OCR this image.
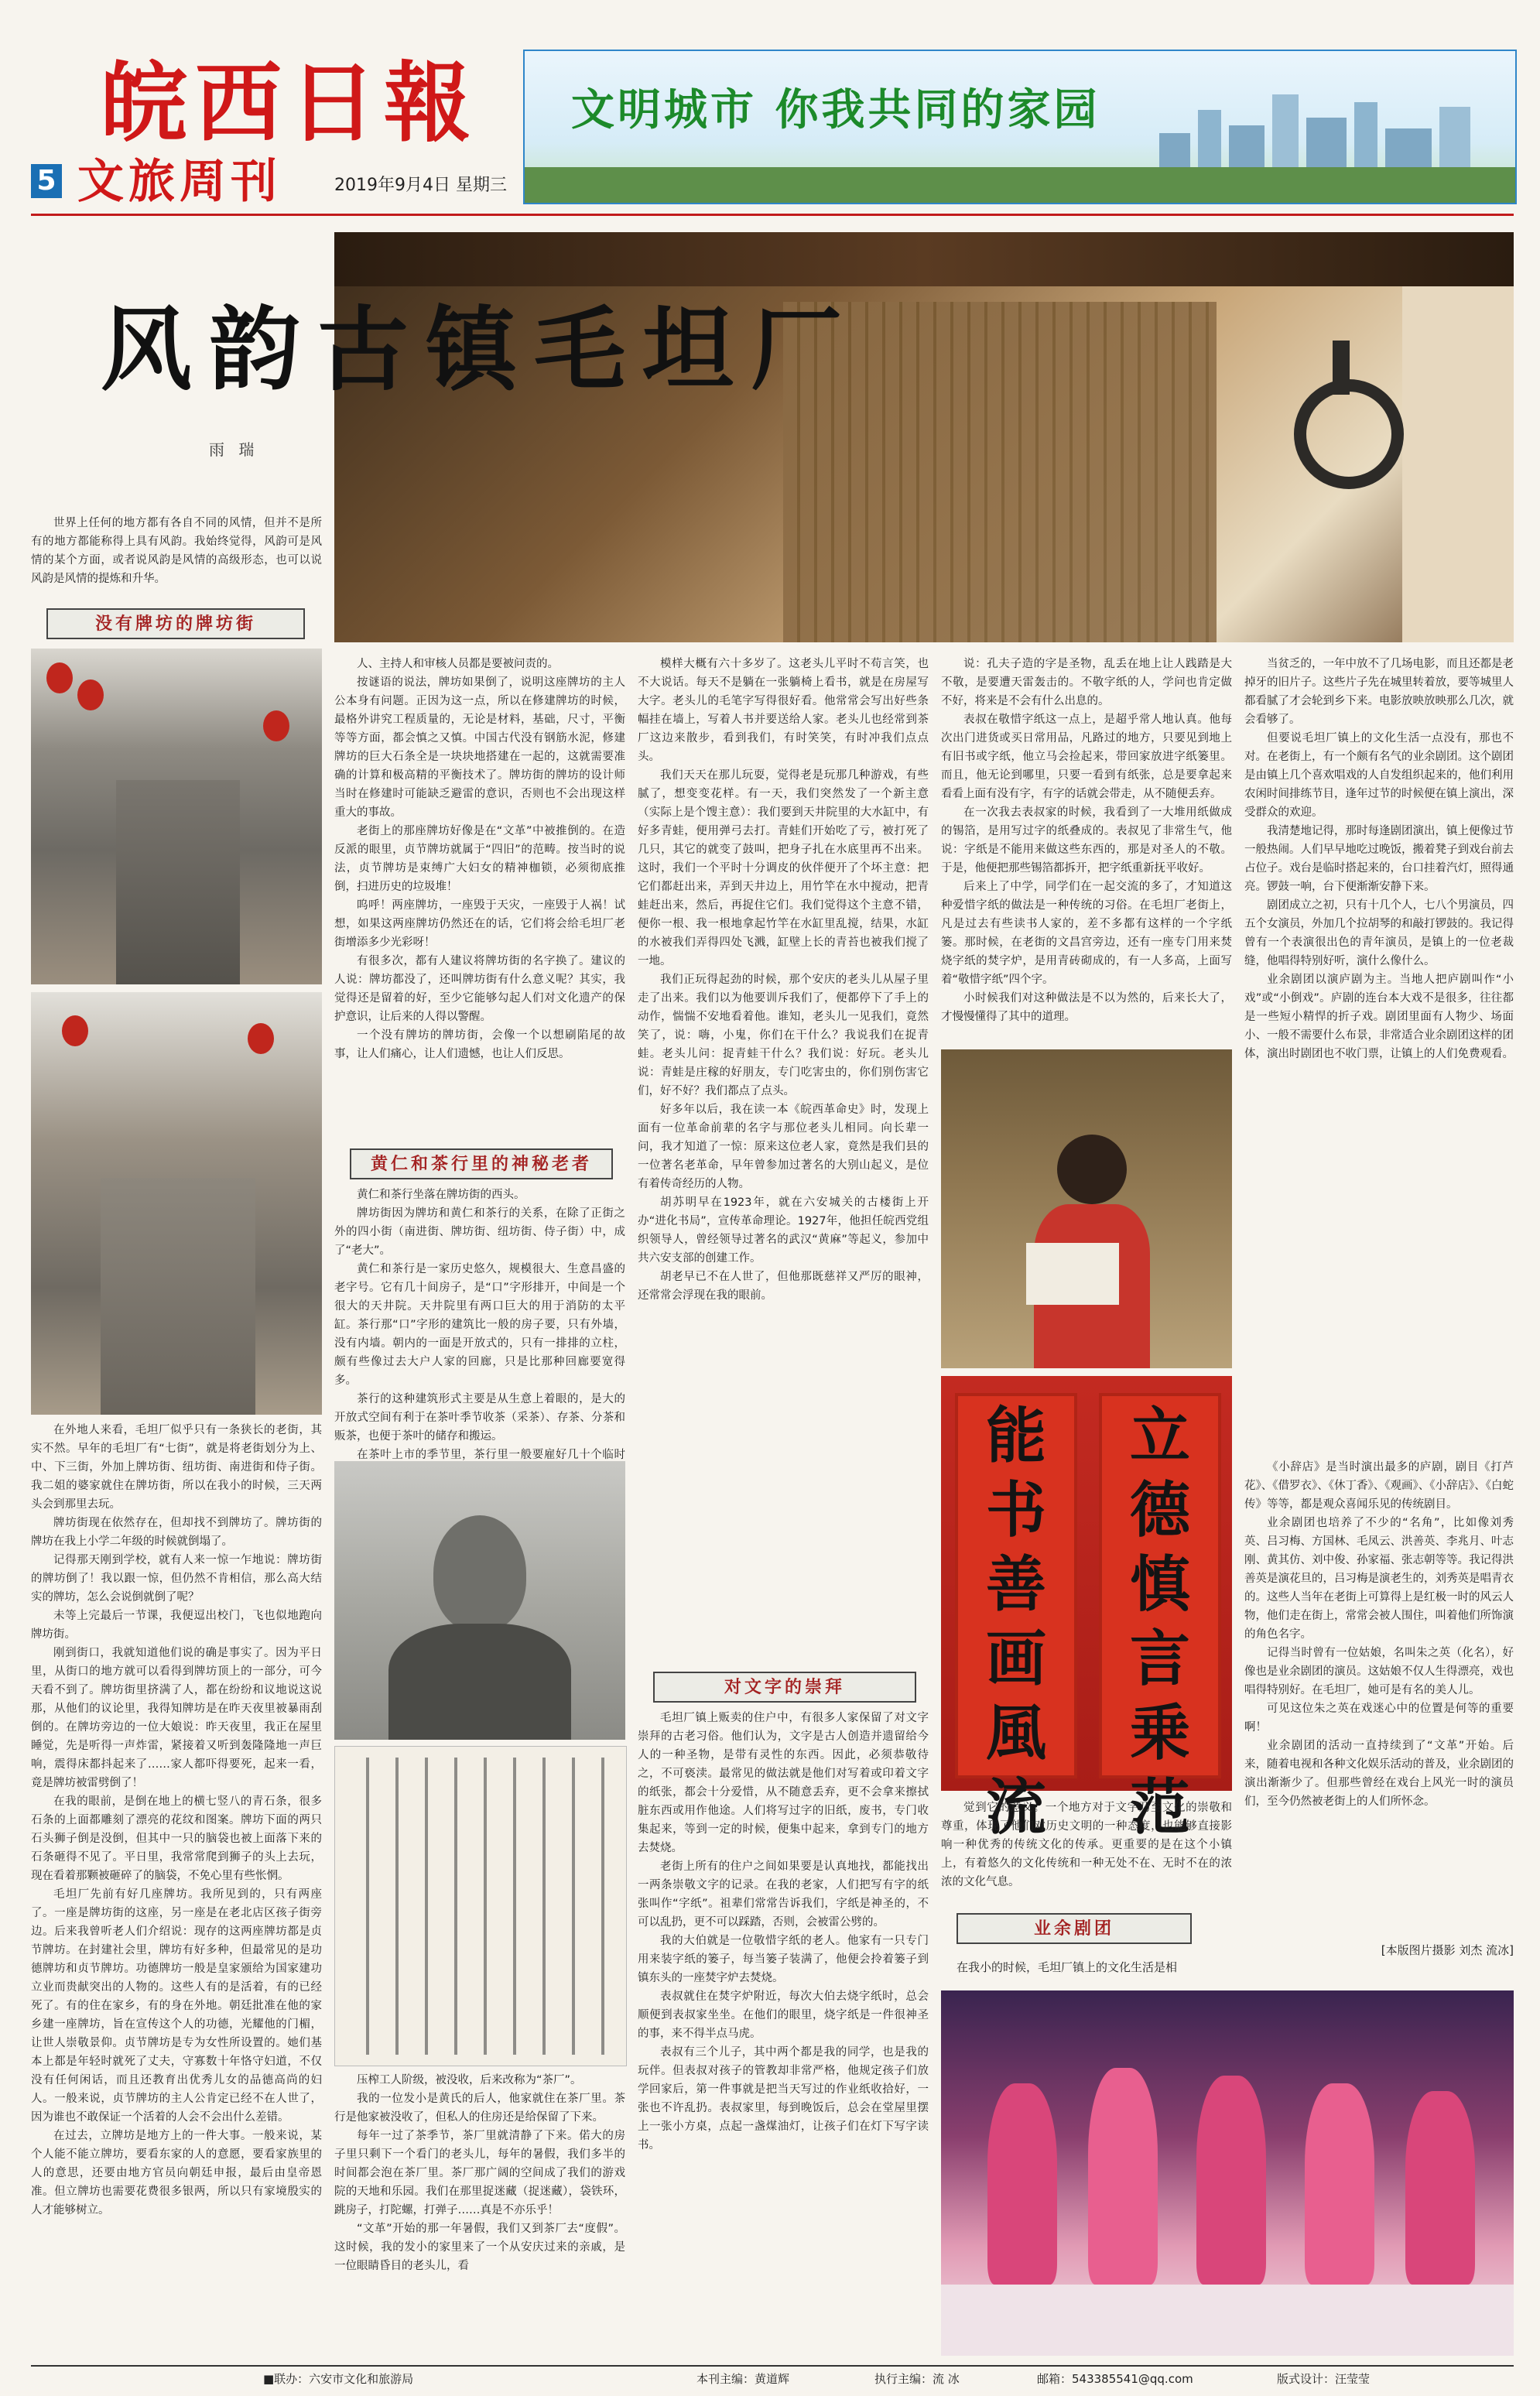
皖西日報
5 文旅周刊	2019年9月4日 星期三
文明城市 你我共同的家园
风韵古镇毛坦厂
雨 瑞

世界上任何的地方都有各自不同的风情，但并不是所有的地方都能称得上具有风韵。我始终觉得，风韵可是风情的某个方面，或者说风韵是风情的高级形态，也可以说风韵是风情的提炼和升华。

没有牌坊的牌坊街

在外地人来看，毛坦厂似乎只有一条狭长的老街，其实不然。早年的毛坦厂有“七街”，就是将老街划分为上、中、下三街，外加上牌坊街、纽坊街、南进街和侍子街。我二姐的婆家就住在牌坊街，所以在我小的时候，三天两头会到那里去玩。

牌坊街现在依然存在，但却找不到牌坊了。牌坊街的牌坊在我上小学二年级的时候就倒塌了。

记得那天刚到学校，就有人来一惊一乍地说：牌坊街的牌坊倒了！我以跟一惊，但仍然不肯相信，那么高大结实的牌坊，怎么会说倒就倒了呢？

未等上完最后一节课，我便逗出校门，飞也似地跑向牌坊街。

刚到街口，我就知道他们说的确是事实了。因为平日里，从街口的地方就可以看得到牌坊顶上的一部分，可今天看不到了。牌坊街里挤满了人，都在纷纷和议地说这说那，从他们的议论里，我得知牌坊是在昨天夜里被暴雨刮倒的。在牌坊旁边的一位大娘说：昨天夜里，我正在屋里睡觉，先是听得一声炸雷，紧接着又听到轰隆隆地一声巨响，震得床都抖起来了……家人都吓得要死，起来一看，竟是牌坊被雷劈倒了！

在我的眼前，是倒在地上的横七竖八的青石条，很多石条的上面都雕刻了漂亮的花纹和图案。牌坊下面的两只石头狮子倒是没倒，但其中一只的脑袋也被上面落下来的石条砸得不见了。平日里，我常常爬到狮子的头上去玩，现在看着那颗被砸碎了的脑袋，不免心里有些怅惘。

毛坦厂先前有好几座牌坊。我所见到的，只有两座了。一座是牌坊街的这座，另一座是在老北店区孩子街旁边。后来我曾听老人们介绍说：现存的这两座牌坊都是贞节牌坊。在封建社会里，牌坊有好多种，但最常见的是功德牌坊和贞节牌坊。功德牌坊一般是皇家颁给为国家建功立业而贵献突出的人物的。这些人有的是活着，有的已经死了。有的住在家乡，有的身在外地。朝廷批准在他的家乡建一座牌坊，旨在宣传这个人的功德，光耀他的门楣，让世人崇敬景仰。贞节牌坊是专为女性所设置的。她们基本上都是年轻时就死了丈夫，守寡数十年恪守妇道，不仅没有任何闲话，而且还教育出优秀儿女的品德高尚的妇人。一般来说，贞节牌坊的主人公肯定已经不在人世了，因为谁也不敢保证一个活着的人会不会出什么差错。

在过去，立牌坊是地方上的一件大事。一般来说，某个人能不能立牌坊，要看东家的人的意愿，要看家族里的人的意思，还要由地方官员向朝廷申报，最后由皇帝恩准。但立牌坊也需要花费很多银两，所以只有家境殷实的人才能够树立。

人、主持人和审核人员都是要被问责的。

按谜语的说法，牌坊如果倒了，说明这座牌坊的主人公本身有问题。正因为这一点，所以在修建牌坊的时候，最格外讲究工程质量的，无论是材料，基础，尺寸，平衡等等方面，都会慎之又慎。中国古代没有钢筋水泥，修建牌坊的巨大石条全是一块块地搭建在一起的，这就需要准确的计算和极高精的平衡技术了。牌坊街的牌坊的设计师当时在修建时可能缺乏避雷的意识，否则也不会出现这样重大的事故。

老街上的那座牌坊好像是在“文革”中被推倒的。在造反派的眼里，贞节牌坊就属于“四旧”的范畴。按当时的说法，贞节牌坊是束缚广大妇女的精神枷锁，必须彻底推倒，扫进历史的垃圾堆！

呜呼！两座牌坊，一座毁于天灾，一座毁于人祸！试想，如果这两座牌坊仍然还在的话，它们将会给毛坦厂老街增添多少光彩呀！

有很多次，都有人建议将牌坊街的名字换了。建议的人说：牌坊都没了，还叫牌坊街有什么意义呢？其实，我觉得还是留着的好，至少它能够勾起人们对文化遗产的保护意识，让后来的人得以警醒。

一个没有牌坊的牌坊街，会像一个以想刷陷尾的故事，让人们痛心，让人们遗憾，也让人们反思。

黄仁和茶行里的神秘老者

黄仁和茶行坐落在牌坊街的西头。

牌坊街因为牌坊和黄仁和茶行的关系，在除了正街之外的四小街（南进街、牌坊街、纽坊街、侍子街）中，成了“老大”。

黄仁和茶行是一家历史悠久，规模很大、生意昌盛的老字号。它有几十间房子，是“口”字形排开，中间是一个很大的天井院。天井院里有两口巨大的用于消防的太平缸。茶行那“口”字形的建筑比一般的房子要，只有外墙，没有内墙。朝内的一面是开放式的，只有一排排的立柱，颇有些像过去大户人家的回廊，只是比那种回廊要宽得多。

茶行的这种建筑形式主要是从生意上着眼的，是大的开放式空间有利于在茶叶季节收茶（采茶）、存茶、分茶和贩茶，也便于茶叶的储存和搬运。

在茶叶上市的季节里，茶行里一般要雇好几十个临时

压榨工人阶级，被没收，后来改称为“茶厂”。

我的一位发小是黄氏的后人，他家就住在茶厂里。茶行是他家被没收了，但私人的住房还是给保留了下来。

每年一过了茶季节，茶厂里就清静了下来。偌大的房子里只剩下一个看门的老头儿，每年的暑假，我们多半的时间都会泡在茶厂里。茶厂那广阔的空间成了我们的游戏院的天地和乐园。我们在那里捉迷藏（捉迷藏），袋铁环，跳房子，打陀螺，打弹子……真是不亦乐乎！

“文革”开始的那一年暑假，我们又到茶厂去“度假”。这时候，我的发小的家里来了一个从安庆过来的亲戚，是一位眼睛昏目的老头儿，看

模样大概有六十多岁了。这老头儿平时不苟言笑，也不大说话。每天不是躺在一张躺椅上看书，就是在房屋写大字。老头儿的毛笔字写得很好看。他常常会写出好些条幅挂在墙上，写着人书并要送给人家。老头儿也经常到茶厂这边来散步，看到我们，有时笑笑，有时冲我们点点头。

我们天天在那儿玩耍，觉得老是玩那几种游戏，有些腻了，想变变花样。有一天，我们突然发了一个新主意（实际上是个馊主意）：我们要到天井院里的大水缸中，有好多青蛙，便用弹弓去打。青蛙们开始吃了亏，被打死了几只，其它的就变了鼓叫，把身子扎在水底里再不出来。这时，我们一个平时十分调皮的伙伴便开了个坏主意：把它们都赶出来，弄到天井边上，用竹竿在水中搅动，把青蛙赶出来，然后，再捉住它们。我们觉得这个主意不错，便你一根、我一根地拿起竹竿在水缸里乱搅，结果，水缸的水被我们弄得四处飞溅，缸壁上长的青苔也被我们搅了一地。

我们正玩得起劲的时候，那个安庆的老头儿从屋子里走了出来。我们以为他要训斥我们了，便都停下了手上的动作，惴惴不安地看着他。谁知，老头儿一见我们，竟然笑了，说：嗨，小鬼，你们在干什么？我说我们在捉青蛙。老头儿问：捉青蛙干什么？我们说：好玩。老头儿说：青蛙是庄稼的好朋友，专门吃害虫的，你们别伤害它们，好不好？我们都点了点头。

好多年以后，我在读一本《皖西革命史》时，发现上面有一位革命前辈的名字与那位老头儿相同。向长辈一问，我才知道了一惊：原来这位老人家，竟然是我们县的一位著名老革命，早年曾参加过著名的大别山起义，是位有着传奇经历的人物。

胡苏明早在1923年，就在六安城关的古楼街上开办“进化书局”，宣传革命理论。1927年，他担任皖西党组织领导人，曾经领导过著名的武汉“黄麻”等起义，参加中共六安支部的创建工作。

胡老早已不在人世了，但他那既慈祥又严厉的眼神，还常常会浮现在我的眼前。

对文字的崇拜

毛坦厂镇上贩卖的住户中，有很多人家保留了对文字崇拜的古老习俗。他们认为，文字是古人创造并遗留给今人的一种圣物，是带有灵性的东西。因此，必须恭敬待之，不可亵渎。最常见的做法就是他们对写着或印着文字的纸张，都会十分爱惜，从不随意丢弃，更不会拿来擦拭脏东西或用作他途。人们将写过字的旧纸，废书，专门收集起来，等到一定的时候，便集中起来，拿到专门的地方去焚烧。

老街上所有的住户之间如果要是认真地找，都能找出一两条崇敬文字的记录。在我的老家，人们把写有字的纸张叫作“字纸”。祖辈们常常告诉我们，字纸是神圣的，不可以乱扔，更不可以踩踏，否则，会被雷公劈的。

我的大伯就是一位敬惜字纸的老人。他家有一只专门用来装字纸的篓子，每当篓子装满了，他便会拎着篓子到镇东头的一座焚字炉去焚烧。

表叔就住在焚字炉附近，每次大伯去烧字纸时，总会顺便到表叔家坐坐。在他们的眼里，烧字纸是一件很神圣的事，来不得半点马虎。

表叔有三个儿子，其中两个都是我的同学，也是我的玩伴。但表叔对孩子的管教却非常严格，他规定孩子们放学回家后，第一件事就是把当天写过的作业纸收拾好，一张也不许乱扔。表叔家里，每到晚饭后，总会在堂屋里摆上一张小方桌，点起一盏煤油灯，让孩子们在灯下写字读书。

说：孔夫子造的字是圣物，乱丢在地上让人践踏是大不敬，是要遭天雷轰击的。不敬字纸的人，学问也肯定做不好，将来是不会有什么出息的。

表叔在敬惜字纸这一点上，是超乎常人地认真。他每次出门进货或买日常用品，凡路过的地方，只要见到地上有旧书或字纸，他立马会捡起来，带回家放进字纸篓里。而且，他无论到哪里，只要一看到有纸张，总是要拿起来看看上面有没有字，有字的话就会带走，从不随便丢弃。

在一次我去表叔家的时候，我看到了一大堆用纸做成的锡箔，是用写过字的纸叠成的。表叔见了非常生气，他说：字纸是不能用来做这些东西的，那是对圣人的不敬。于是，他便把那些锡箔都拆开，把字纸重新抚平收好。

后来上了中学，同学们在一起交流的多了，才知道这种爱惜字纸的做法是一种传统的习俗。在毛坦厂老街上，凡是过去有些读书人家的，差不多都有这样的一个字纸篓。那时候，在老街的文昌宫旁边，还有一座专门用来焚烧字纸的焚字炉，是用青砖砌成的，有一人多高，上面写着“敬惜字纸”四个字。

小时候我们对这种做法是不以为然的，后来长大了，才慢慢懂得了其中的道理。

能书善画風流
立德慎言乗范

觉到它的意义。一个地方对于文字乃至文化的崇敬和尊重，体现了他们对历史文明的一种态度，也能够直接影响一种优秀的传统文化的传承。更重要的是在这个小镇上，有着悠久的文化传统和一种无处不在、无时不在的浓浓的文化气息。

业余剧团
在我小的时候，毛坦厂镇上的文化生活是相

当贫乏的，一年中放不了几场电影，而且还都是老掉牙的旧片子。这些片子先在城里转着放，要等城里人都看腻了才会轮到乡下来。电影放映放映那么几次，就会看够了。

但要说毛坦厂镇上的文化生活一点没有，那也不对。在老街上，有一个颇有名气的业余剧团。这个剧团是由镇上几个喜欢唱戏的人自发组织起来的，他们利用农闲时间排练节目，逢年过节的时候便在镇上演出，深受群众的欢迎。

我清楚地记得，那时每逢剧团演出，镇上便像过节一般热闹。人们早早地吃过晚饭，搬着凳子到戏台前去占位子。戏台是临时搭起来的，台口挂着汽灯，照得通亮。锣鼓一响，台下便渐渐安静下来。

剧团成立之初，只有十几个人，七八个男演员，四五个女演员，外加几个拉胡琴的和敲打锣鼓的。我记得曾有一个表演很出色的青年演员，是镇上的一位老裁缝，他唱得特别好听，演什么像什么。

业余剧团以演庐剧为主。当地人把庐剧叫作“小戏”或“小倒戏”。庐剧的连台本大戏不是很多，往往都是一些短小精悍的折子戏。剧团里面有人物少、场面小、一般不需要什么布景，非常适合业余剧团这样的团体，演出时剧团也不收门票，让镇上的人们免费观看。

《小辞店》是当时演出最多的庐剧，剧目《打芦花》、《借罗衣》、《休丁香》、《观画》、《小辞店》、《白蛇传》等等，都是观众喜闻乐见的传统剧目。

业余剧团也培养了不少的“名角”，比如像刘秀英、吕习梅、方国林、毛凤云、洪善英、李兆月、叶志刚、黄其仿、刘中俊、孙家福、张志朝等等。我记得洪善英是演花旦的，吕习梅是演老生的，刘秀英是唱青衣的。这些人当年在老街上可算得上是红极一时的风云人物，他们走在街上，常常会被人围住，叫着他们所饰演的角色名字。

记得当时曾有一位姑娘，名叫朱之英（化名），好像也是业余剧团的演员。这姑娘不仅人生得漂亮，戏也唱得特别好。在毛坦厂，她可是有名的美人儿。

可见这位朱之英在戏迷心中的位置是何等的重要啊！

业余剧团的活动一直持续到了“文革”开始。后来，随着电视和各种文化娱乐活动的普及，业余剧团的演出渐渐少了。但那些曾经在戏台上风光一时的演员们，至今仍然被老街上的人们所怀念。

[本版图片摄影 刘杰 流冰]
■联办：六安市文化和旅游局	本刊主编：黄道辉	执行主编：流 冰	邮箱：543385541@qq.com	版式设计：汪莹莹
